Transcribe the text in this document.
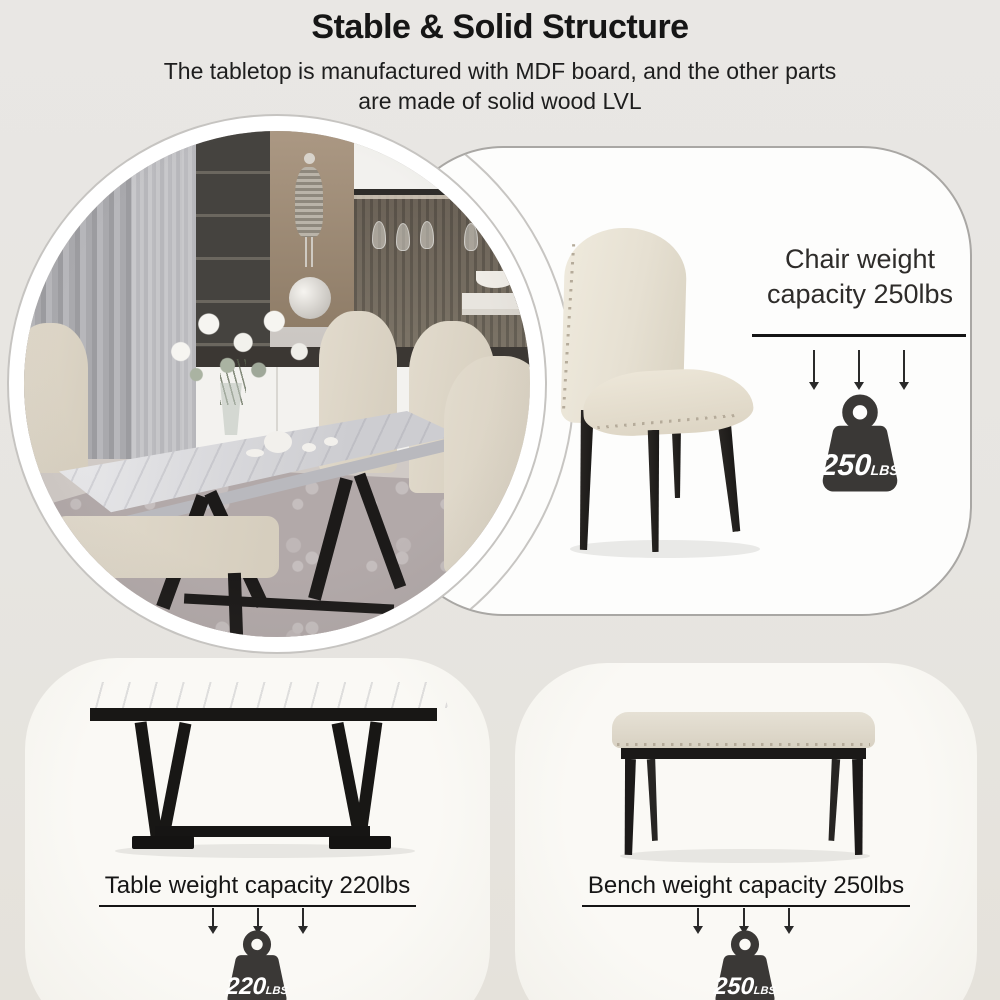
Stable & Solid Structure
The tabletop is manufactured with MDF board, and the other parts
are made of solid wood LVL
Chair weight
capacity 250lbs
250LBS
Table weight capacity 220lbs
220LBS
Bench weight capacity 250lbs
250LBS
